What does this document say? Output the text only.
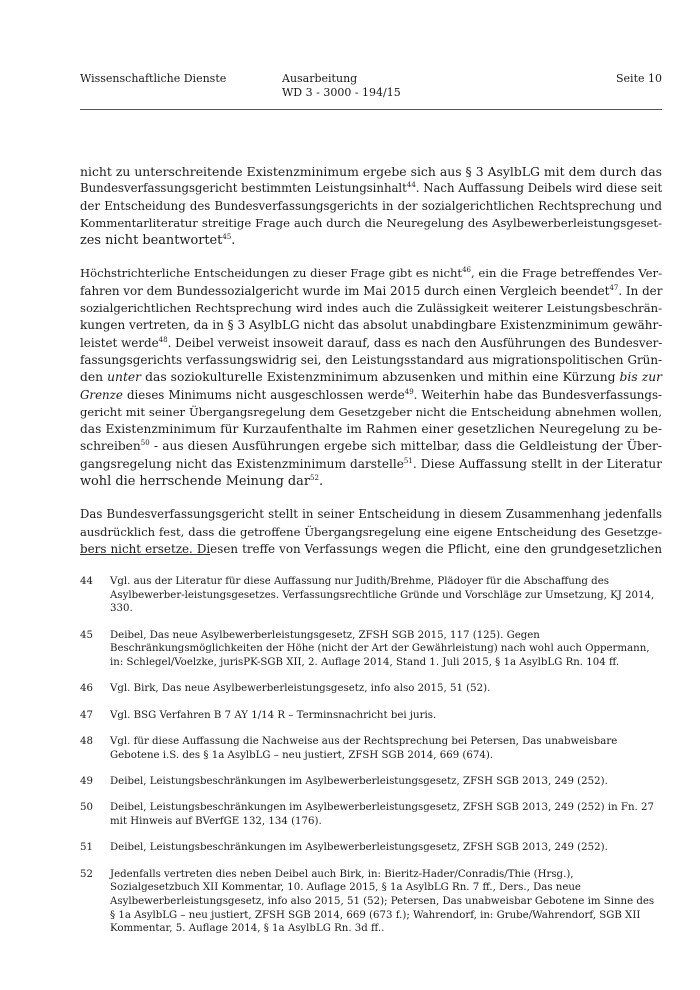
Wissenschaftliche Dienste	Ausarbeitung
WD 3 - 3000 - 194/15
Seite 10

nicht zu unterschreitende Existenzminimum ergebe sich aus § 3 AsylbLG mit dem durch das
Bundesverfassungsgericht bestimmten Leistungsinhalt$^{44}$. Nach Auffassung Deibels wird diese seit
der Entscheidung des Bundesverfassungsgerichts in der sozialgerichtlichen Rechtsprechung und
Kommentarliteratur streitige Frage auch durch die Neuregelung des Asylbewerberleistungsgeset-
zes nicht beantwortet$^{45}$.

Höchstrichterliche Entscheidungen zu dieser Frage gibt es nicht$^{46}$, ein die Frage betreffendes Ver-
fahren vor dem Bundessozialgericht wurde im Mai 2015 durch einen Vergleich beendet$^{47}$. In der
sozialgerichtlichen Rechtsprechung wird indes auch die Zulässigkeit weiterer Leistungsbeschrän-
kungen vertreten, da in § 3 AsylbLG nicht das absolut unabdingbare Existenzminimum gewähr-
leistet werde$^{48}$. Deibel verweist insoweit darauf, dass es nach den Ausführungen des Bundesver-
fassungsgerichts verfassungswidrig sei, den Leistungsstandard aus migrationspolitischen Grün-
den unter das soziokulturelle Existenzminimum abzusenken und mithin eine Kürzung bis zur
Grenze dieses Minimums nicht ausgeschlossen werde$^{49}$. Weiterhin habe das Bundesverfassungs-
gericht mit seiner Übergangsregelung dem Gesetzgeber nicht die Entscheidung abnehmen wollen,
das Existenzminimum für Kurzaufenthalte im Rahmen einer gesetzlichen Neuregelung zu be-
schreiben$^{50}$ - aus diesen Ausführungen ergebe sich mittelbar, dass die Geldleistung der Über-
gangsregelung nicht das Existenzminimum darstelle$^{51}$. Diese Auffassung stellt in der Literatur
wohl die herrschende Meinung dar$^{52}$.

Das Bundesverfassungsgericht stellt in seiner Entscheidung in diesem Zusammenhang jedenfalls
ausdrücklich fest, dass die getroffene Übergangsregelung eine eigene Entscheidung des Gesetzge-
bers nicht ersetze. Diesen treffe von Verfassungs wegen die Pflicht, eine den grundgesetzlichen

44 Vgl. aus der Literatur für diese Auffassung nur Judith/Brehme, Plädoyer für die Abschaffung des Asylbewerber-leistungsgesetzes. Verfassungsrechtliche Gründe und Vorschläge zur Umsetzung, KJ 2014, 330.
45 Deibel, Das neue Asylbewerberleistungsgesetz, ZFSH SGB 2015, 117 (125). Gegen Beschränkungsmöglichkeiten der Höhe (nicht der Art der Gewährleistung) nach wohl auch Oppermann, in: Schlegel/Voelzke, jurisPK-SGB XII, 2. Auflage 2014, Stand 1. Juli 2015, § 1a AsylbLG Rn. 104 ff.
46 Vgl. Birk, Das neue Asylbewerberleistungsgesetz, info also 2015, 51 (52).
47 Vgl. BSG Verfahren B 7 AY 1/14 R – Terminsnachricht bei juris.
48 Vgl. für diese Auffassung die Nachweise aus der Rechtsprechung bei Petersen, Das unabweisbare Gebotene i.S. des § 1a AsylbLG – neu justiert, ZFSH SGB 2014, 669 (674).
49 Deibel, Leistungsbeschränkungen im Asylbewerberleistungsgesetz, ZFSH SGB 2013, 249 (252).
50 Deibel, Leistungsbeschränkungen im Asylbewerberleistungsgesetz, ZFSH SGB 2013, 249 (252) in Fn. 27 mit Hinweis auf BVerfGE 132, 134 (176).
51 Deibel, Leistungsbeschränkungen im Asylbewerberleistungsgesetz, ZFSH SGB 2013, 249 (252).
52 Jedenfalls vertreten dies neben Deibel auch Birk, in: Bieritz-Hader/Conradis/Thie (Hrsg.), Sozialgesetzbuch XII Kommentar, 10. Auflage 2015, § 1a AsylbLG Rn. 7 ff., Ders., Das neue Asylbewerberleistungsgesetz, info also 2015, 51 (52); Petersen, Das unabweisbar Gebotene im Sinne des § 1a AsylbLG – neu justiert, ZFSH SGB 2014, 669 (673 f.); Wahrendorf, in: Grube/Wahrendorf, SGB XII Kommentar, 5. Auflage 2014, § 1a AsylbLG Rn. 3d ff..
